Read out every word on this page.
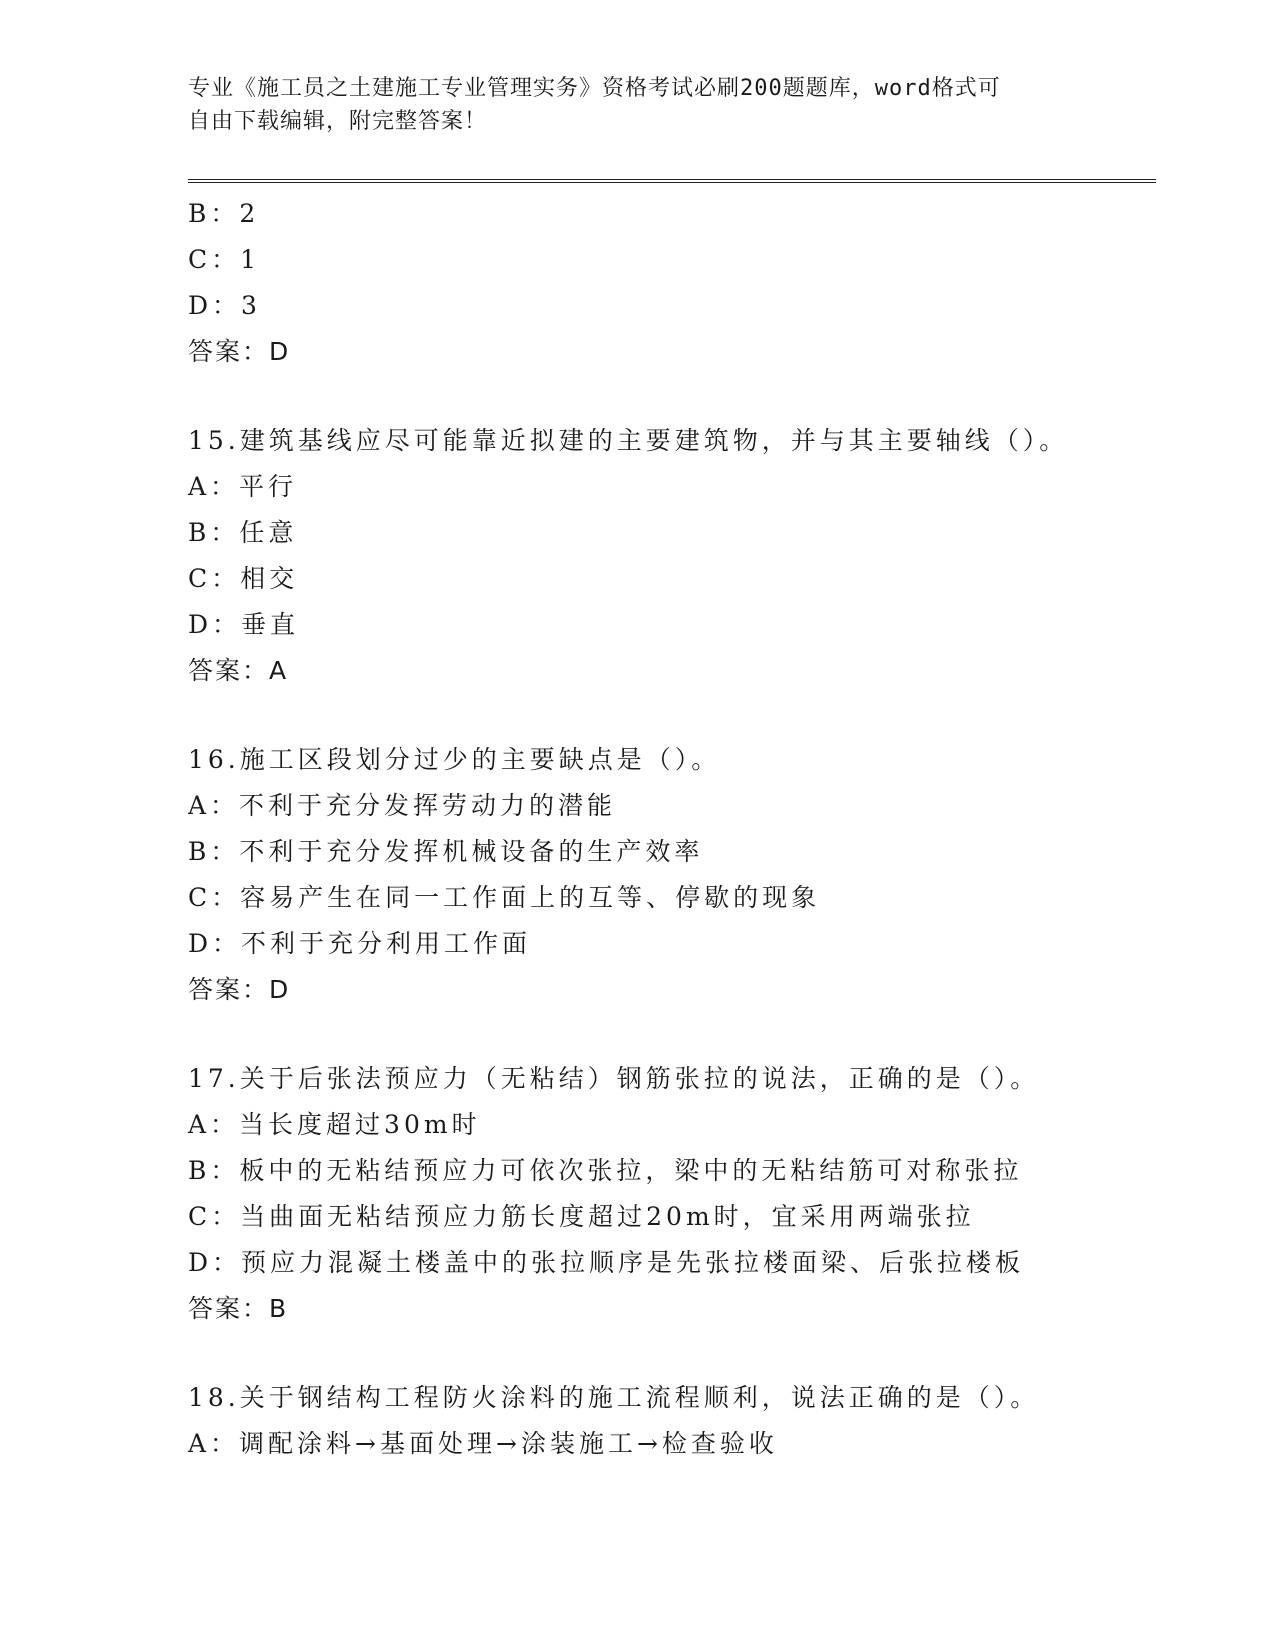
专业《施工员之土建施工专业管理实务》资格考试必刷200题题库，word格式可
自由下载编辑，附完整答案！
B：2
C：1
D：3
答案：D
15.建筑基线应尽可能靠近拟建的主要建筑物，并与其主要轴线（）。
A：平行
B：任意
C：相交
D：垂直
答案：A
16.施工区段划分过少的主要缺点是（）。
A：不利于充分发挥劳动力的潜能
B：不利于充分发挥机械设备的生产效率
C：容易产生在同一工作面上的互等、停歇的现象
D：不利于充分利用工作面
答案：D
17.关于后张法预应力（无粘结）钢筋张拉的说法，正确的是（）。
A：当长度超过30m时
B：板中的无粘结预应力可依次张拉，梁中的无粘结筋可对称张拉
C：当曲面无粘结预应力筋长度超过20m时，宜采用两端张拉
D：预应力混凝土楼盖中的张拉顺序是先张拉楼面梁、后张拉楼板
答案：B
18.关于钢结构工程防火涂料的施工流程顺利，说法正确的是（）。
A：调配涂料→基面处理→涂装施工→检查验收
